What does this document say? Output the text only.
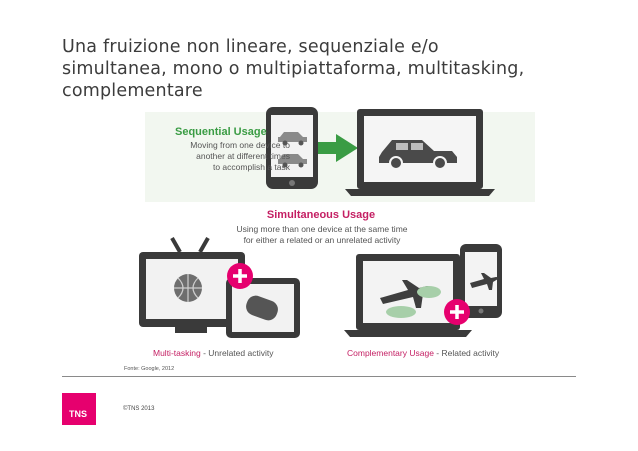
Una fruizione non lineare, sequenziale e/o
simultanea, mono o multipiattaforma, multitasking,
complementare
Sequential Usage
Moving from one device to
another at different times
to accomplish a task
Simultaneous Usage
Using more than one device at the same time
for either a related or an unrelated activity
Multi-tasking - Unrelated activity	Complementary Usage - Related activity
Fonte: Google, 2012
TNS	©TNS 2013
